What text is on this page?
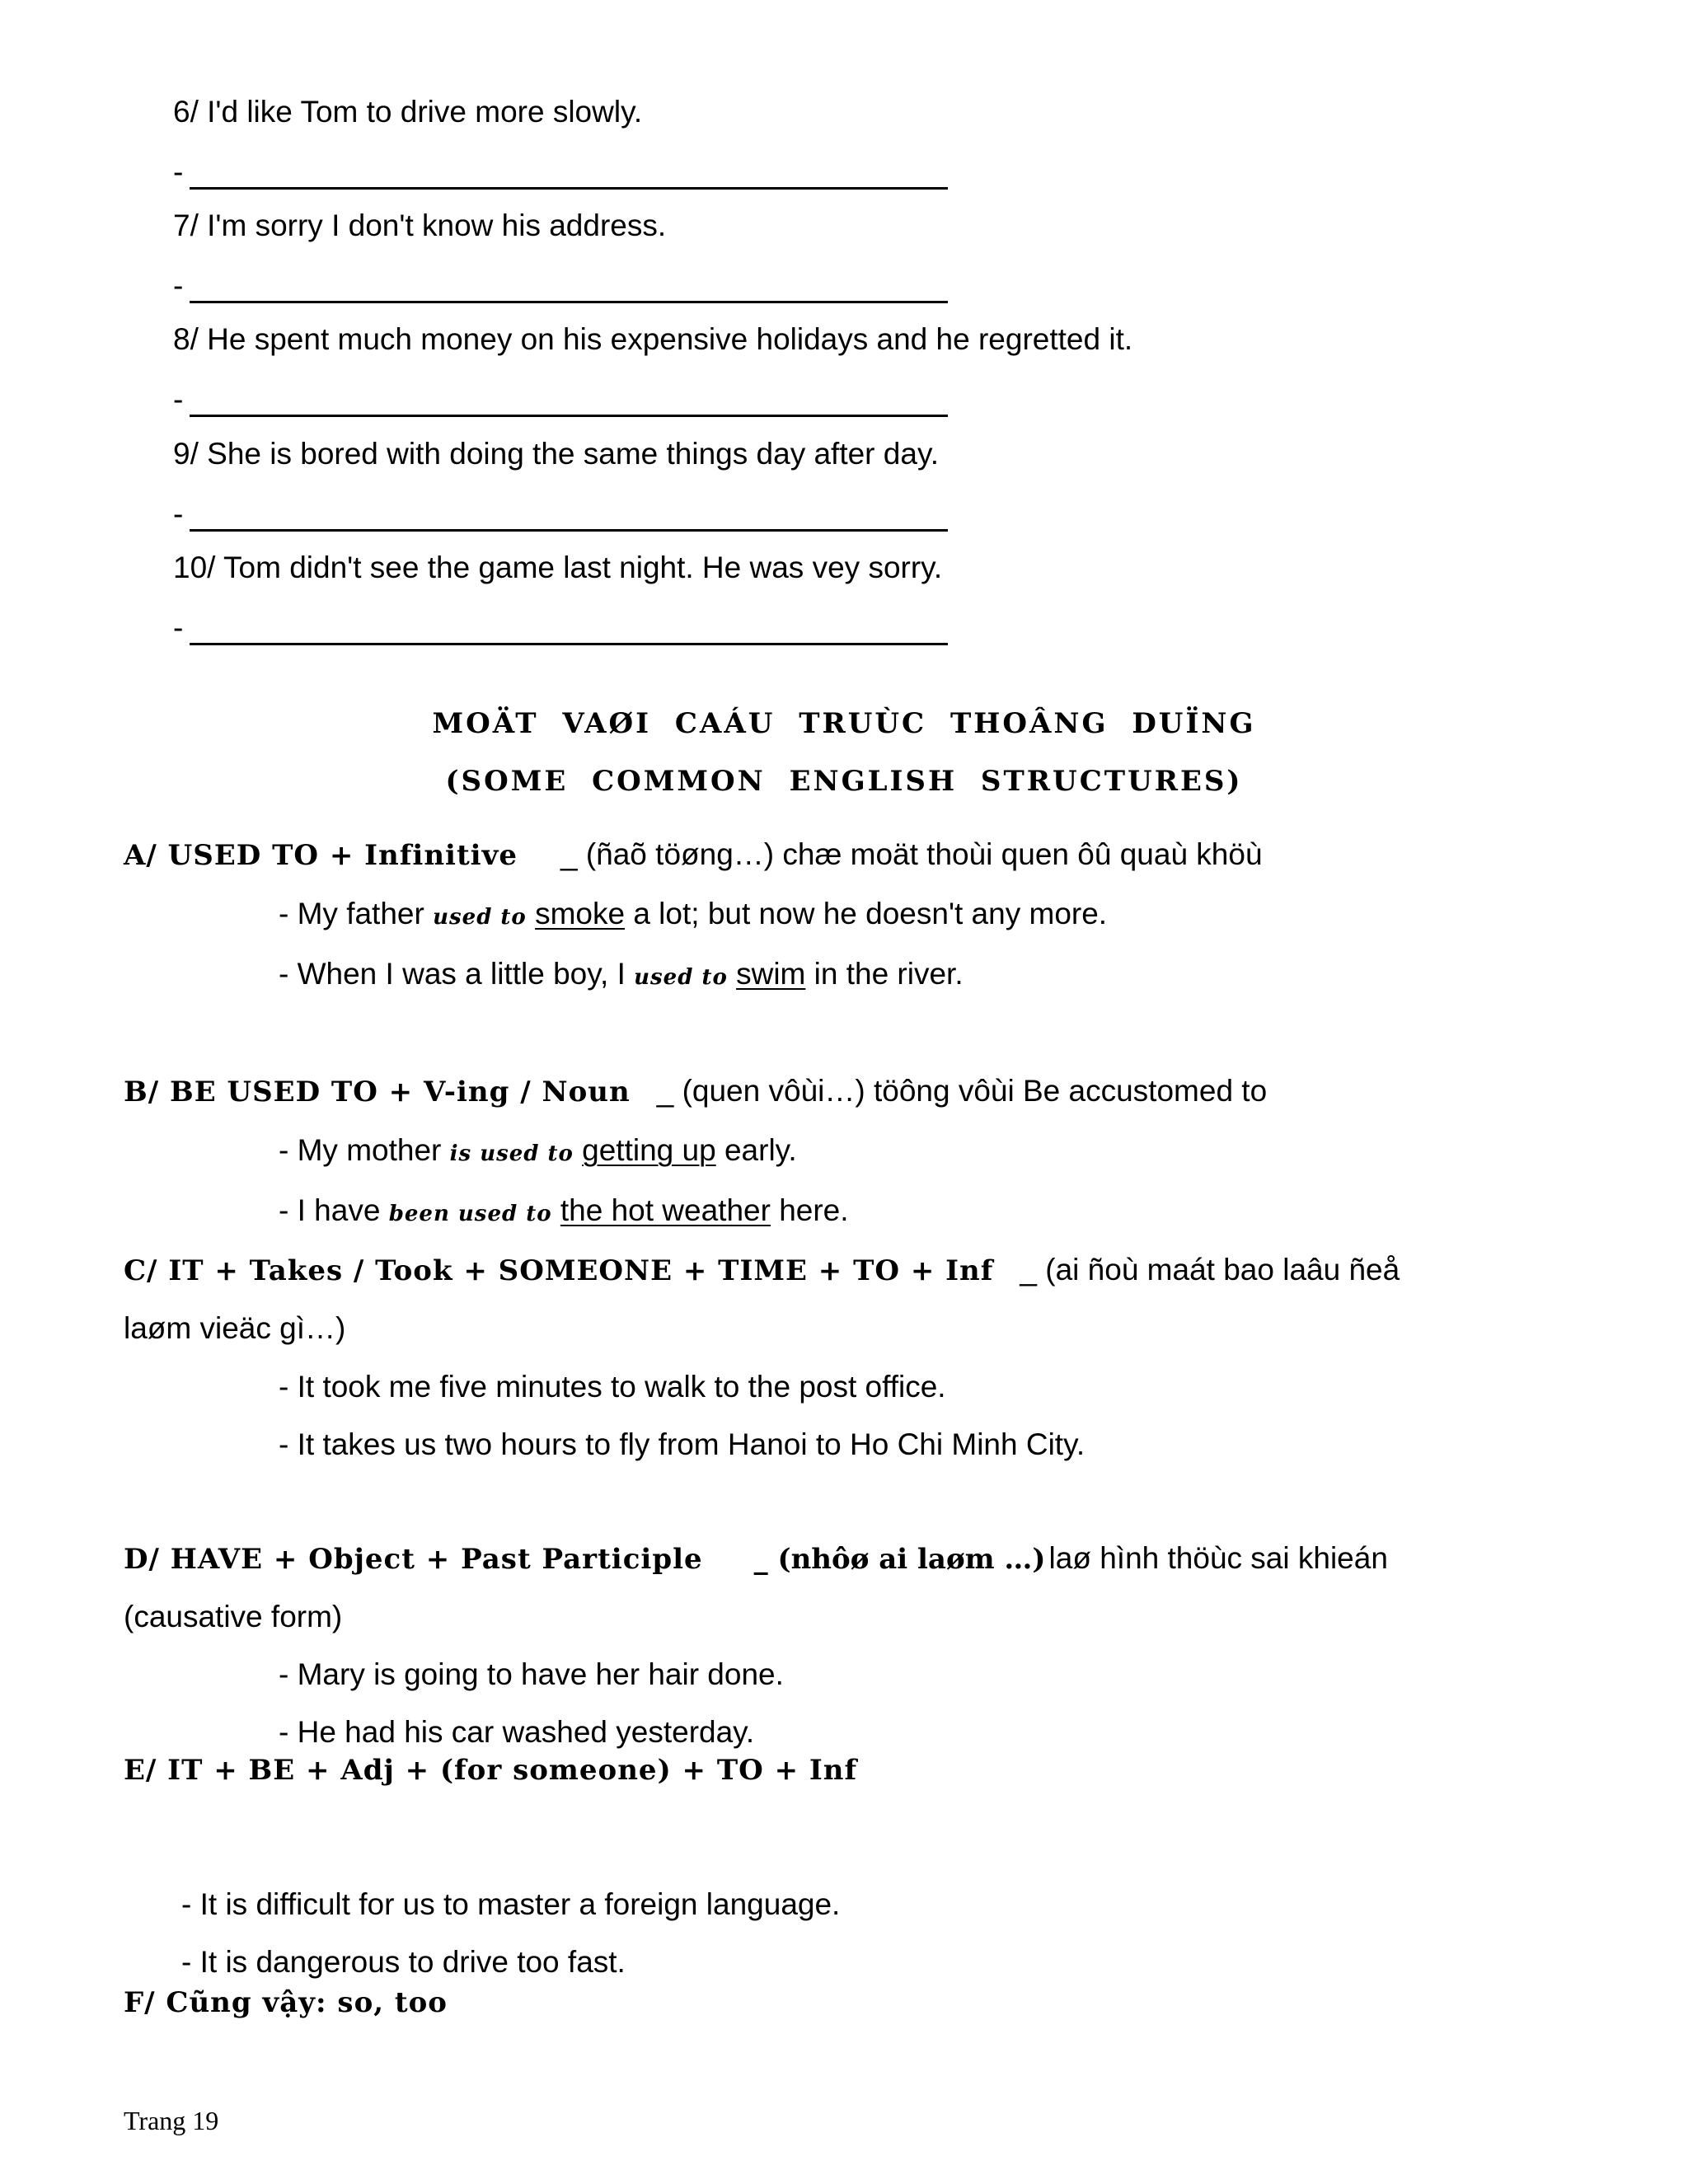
6/ I'd like Tom to drive more slowly.
-
7/ I'm sorry I don't know his address.
-
8/ He spent much money on his expensive holidays and he regretted it.
-
9/ She is bored with doing the same things day after day.
-
10/ Tom didn't see the game last night. He was vey sorry.
-
MOÄT VAØI CAÁU TRUÙC THOÂNG DUÏNG
(SOME COMMON ENGLISH STRUCTURES)
A/ USED TO + Infinitive _ (ñaõ töøng…) chæ moät thoùi quen ôû quaù khöù
- My father used to smoke a lot; but now he doesn't any more.
- When I was a little boy, I used to swim in the river.
B/ BE USED TO + V-ing / Noun _ (quen vôùi…) töông vôùi Be accustomed to
- My mother is used to getting up early.
- I have been used to the hot weather here.
C/ IT + Takes / Took + SOMEONE + TIME + TO + Inf _ (ai ñoù maát bao laâu ñeå
laøm vieäc gì…)
- It took me five minutes to walk to the post office.
- It takes us two hours to fly from Hanoi to Ho Chi Minh City.
D/ HAVE + Object + Past Participle _ (nhôø ai laøm …) laø hình thöùc sai khieán
(causative form)
- Mary is going to have her hair done.
- He had his car washed yesterday.
E/ IT + BE + Adj + (for someone) + TO + Inf
- It is difficult for us to master a foreign language.
- It is dangerous to drive too fast.
F/ Cũng vậy: so, too
Trang 19
